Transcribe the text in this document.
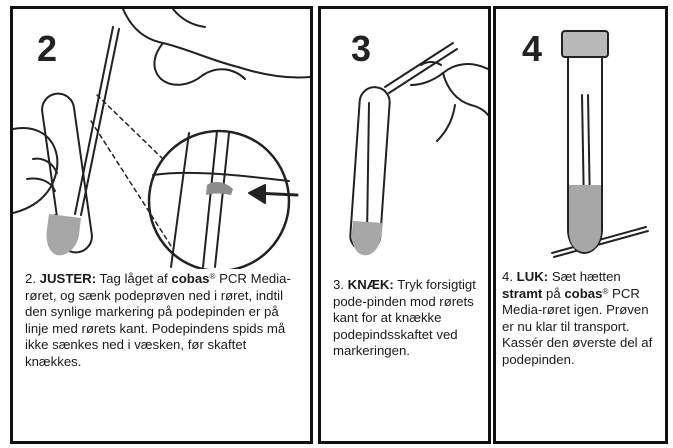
2
2. JUSTER: Tag låget af cobas® PCR Media-røret, og sænk podeprøven ned i røret, indtil den synlige markering på podepinden er på linje med rørets kant. Podepindens spids må ikke sænkes ned i væsken, før skaftet knækkes.
3
3. KNÆK: Tryk forsigtigt pode-pinden mod rørets kant for at knække podepindsskaftet ved markeringen.
4
4. LUK: Sæt hætten stramt på cobas® PCR Media-røret igen. Prøven er nu klar til transport. Kassér den øverste del af podepinden.
